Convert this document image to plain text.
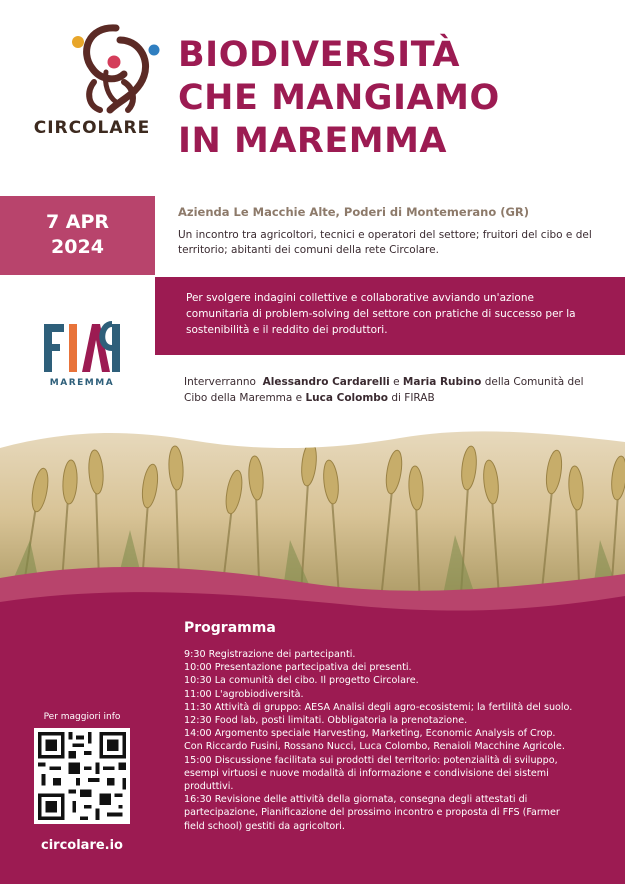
CIRCOLARE
BIODIVERSITÀ
CHE MANGIAMO
IN MAREMMA
7 APR
2024
Azienda Le Macchie Alte, Poderi di Montemerano (GR)
Un incontro tra agricoltori, tecnici e operatori del settore; fruitori del cibo e del territorio; abitanti dei comuni della rete Circolare.
Per svolgere indagini collettive e collaborative avviando un'azione comunitaria di problem-solving del settore con pratiche di successo per la sostenibilità e il reddito dei produttori.
MAREMMA	Interverranno Alessandro Cardarelli e Maria Rubino della Comunità del Cibo della Maremma e Luca Colombo di FIRAB
Programma
9:30 Registrazione dei partecipanti.
10:00 Presentazione partecipativa dei presenti.
10:30 La comunità del cibo. Il progetto Circolare.
11:00 L'agrobiodiversità.
11:30 Attività di gruppo: AESA Analisi degli agro-ecosistemi; la fertilità del suolo.
12:30 Food lab, posti limitati. Obbligatoria la prenotazione.
14:00 Argomento speciale Harvesting, Marketing, Economic Analysis of Crop.
Con Riccardo Fusini, Rossano Nucci, Luca Colombo, Renaioli Macchine Agricole.
15:00 Discussione facilitata sui prodotti del territorio: potenzialità di sviluppo,
esempi virtuosi e nuove modalità di informazione e condivisione dei sistemi
produttivi.
16:30 Revisione delle attività della giornata, consegna degli attestati di
partecipazione, Pianificazione del prossimo incontro e proposta di FFS (Farmer
field school) gestiti da agricoltori.
Per maggiori info
circolare.io
